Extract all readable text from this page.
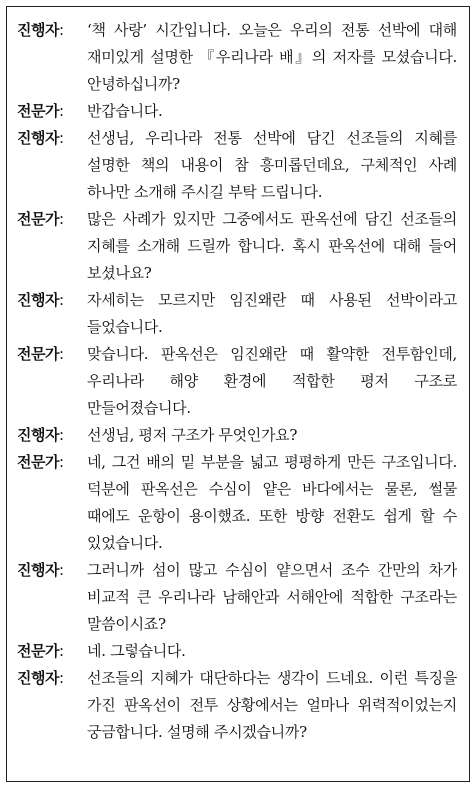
진행자:	‘책 사랑’ 시간입니다. 오늘은 우리의 전통 선박에 대해 재미있게 설명한 『우리나라 배』의 저자를 모셨습니다. 안녕하십니까?
전문가:	반갑습니다.
진행자:	선생님, 우리나라 전통 선박에 담긴 선조들의 지혜를 설명한 책의 내용이 참 흥미롭던데요, 구체적인 사례 하나만 소개해 주시길 부탁 드립니다.
전문가:	많은 사례가 있지만 그중에서도 판옥선에 담긴 선조들의 지혜를 소개해 드릴까 합니다. 혹시 판옥선에 대해 들어 보셨나요?
진행자:	자세히는 모르지만 임진왜란 때 사용된 선박이라고 들었습니다.
전문가:	맞습니다. 판옥선은 임진왜란 때 활약한 전투함인데, 우리나라 해양 환경에 적합한 평저 구조로 만들어졌습니다.
진행자:	선생님, 평저 구조가 무엇인가요?
전문가:	네, 그건 배의 밑 부분을 넓고 평평하게 만든 구조입니다. 덕분에 판옥선은 수심이 얕은 바다에서는 물론, 썰물 때에도 운항이 용이했죠. 또한 방향 전환도 쉽게 할 수 있었습니다.
진행자:	그러니까 섬이 많고 수심이 얕으면서 조수 간만의 차가 비교적 큰 우리나라 남해안과 서해안에 적합한 구조라는 말씀이시죠?
전문가:	네. 그렇습니다.
진행자:	선조들의 지혜가 대단하다는 생각이 드네요. 이런 특징을 가진 판옥선이 전투 상황에서는 얼마나 위력적이었는지 궁금합니다. 설명해 주시겠습니까?
